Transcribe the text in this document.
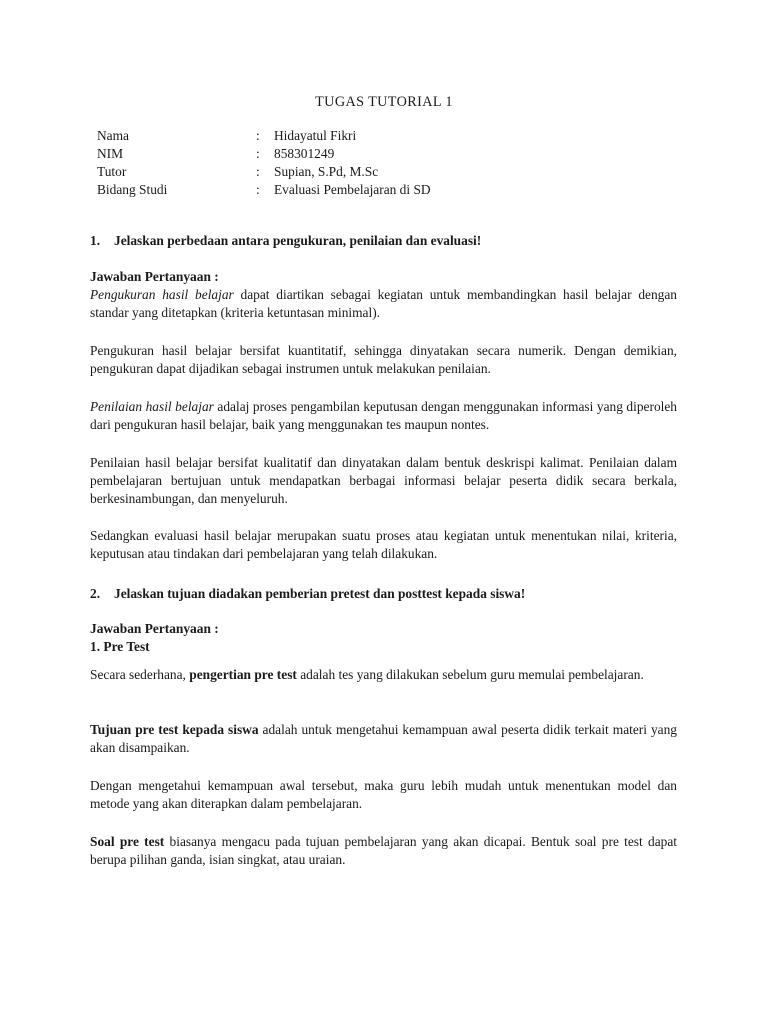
TUGAS TUTORIAL 1
Nama	: Hidayatul Fikri
NIM	: 858301249
Tutor	: Supian, S.Pd, M.Sc
Bidang Studi	: Evaluasi Pembelajaran di SD
1. Jelaskan perbedaan antara pengukuran, penilaian dan evaluasi!
Jawaban Pertanyaan :
Pengukuran hasil belajar dapat diartikan sebagai kegiatan untuk membandingkan hasil belajar dengan standar yang ditetapkan (kriteria ketuntasan minimal).
Pengukuran hasil belajar bersifat kuantitatif, sehingga dinyatakan secara numerik. Dengan demikian, pengukuran dapat dijadikan sebagai instrumen untuk melakukan penilaian.
Penilaian hasil belajar adalaj proses pengambilan keputusan dengan menggunakan informasi yang diperoleh dari pengukuran hasil belajar, baik yang menggunakan tes maupun nontes.
Penilaian hasil belajar bersifat kualitatif dan dinyatakan dalam bentuk deskrispi kalimat. Penilaian dalam pembelajaran bertujuan untuk mendapatkan berbagai informasi belajar peserta didik secara berkala, berkesinambungan, dan menyeluruh.
Sedangkan evaluasi hasil belajar merupakan suatu proses atau kegiatan untuk menentukan nilai, kriteria, keputusan atau tindakan dari pembelajaran yang telah dilakukan.
2. Jelaskan tujuan diadakan pemberian pretest dan posttest kepada siswa!
Jawaban Pertanyaan :
1. Pre Test
Secara sederhana, pengertian pre test adalah tes yang dilakukan sebelum guru memulai pembelajaran.
Tujuan pre test kepada siswa adalah untuk mengetahui kemampuan awal peserta didik terkait materi yang akan disampaikan.
Dengan mengetahui kemampuan awal tersebut, maka guru lebih mudah untuk menentukan model dan metode yang akan diterapkan dalam pembelajaran.
Soal pre test biasanya mengacu pada tujuan pembelajaran yang akan dicapai. Bentuk soal pre test dapat berupa pilihan ganda, isian singkat, atau uraian.
